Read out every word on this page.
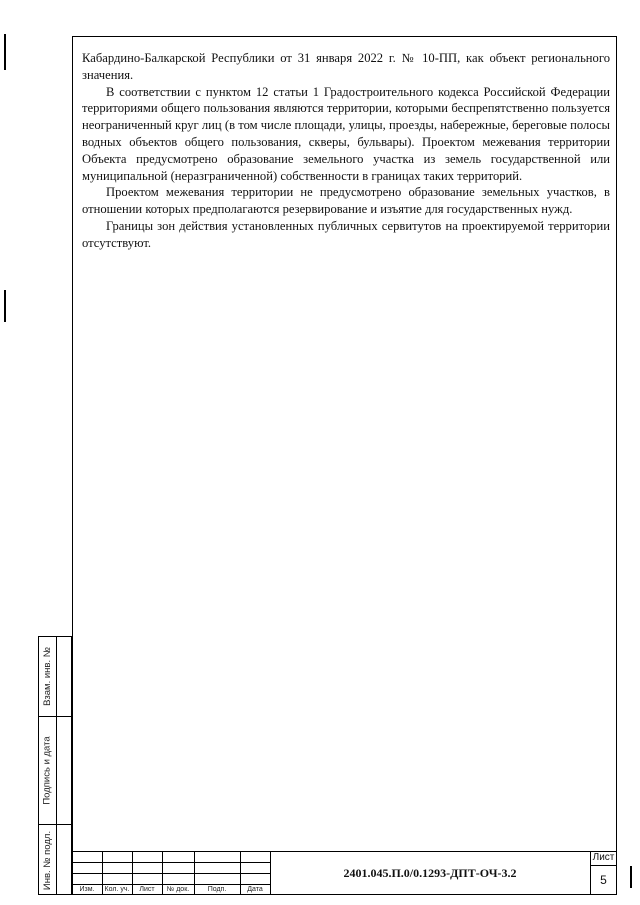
Кабардино-Балкарской Республики от 31 января 2022 г. № 10-ПП, как объект регионального значения.

В соответствии с пунктом 12 статьи 1 Градостроительного кодекса Российской Федерации территориями общего пользования являются территории, которыми беспрепятственно пользуется неограниченный круг лиц (в том числе площади, улицы, проезды, набережные, береговые полосы водных объектов общего пользования, скверы, бульвары). Проектом межевания территории Объекта предусмотрено образование земельного участка из земель государственной или муниципальной (неразграниченной) собственности в границах таких территорий.

Проектом межевания территории не предусмотрено образование земельных участков, в отношении которых предполагаются резервирование и изъятие для государственных нужд.

Границы зон действия установленных публичных сервитутов на проектируемой территории отсутствуют.

Взам. инв. №
Подпись и дата
Инв. № подл.	Изм.	Кол. уч.	Лист	№ док.	Подп.	Дата
2401.045.П.0/0.1293-ДПТ-ОЧ-3.2
Лист
5
